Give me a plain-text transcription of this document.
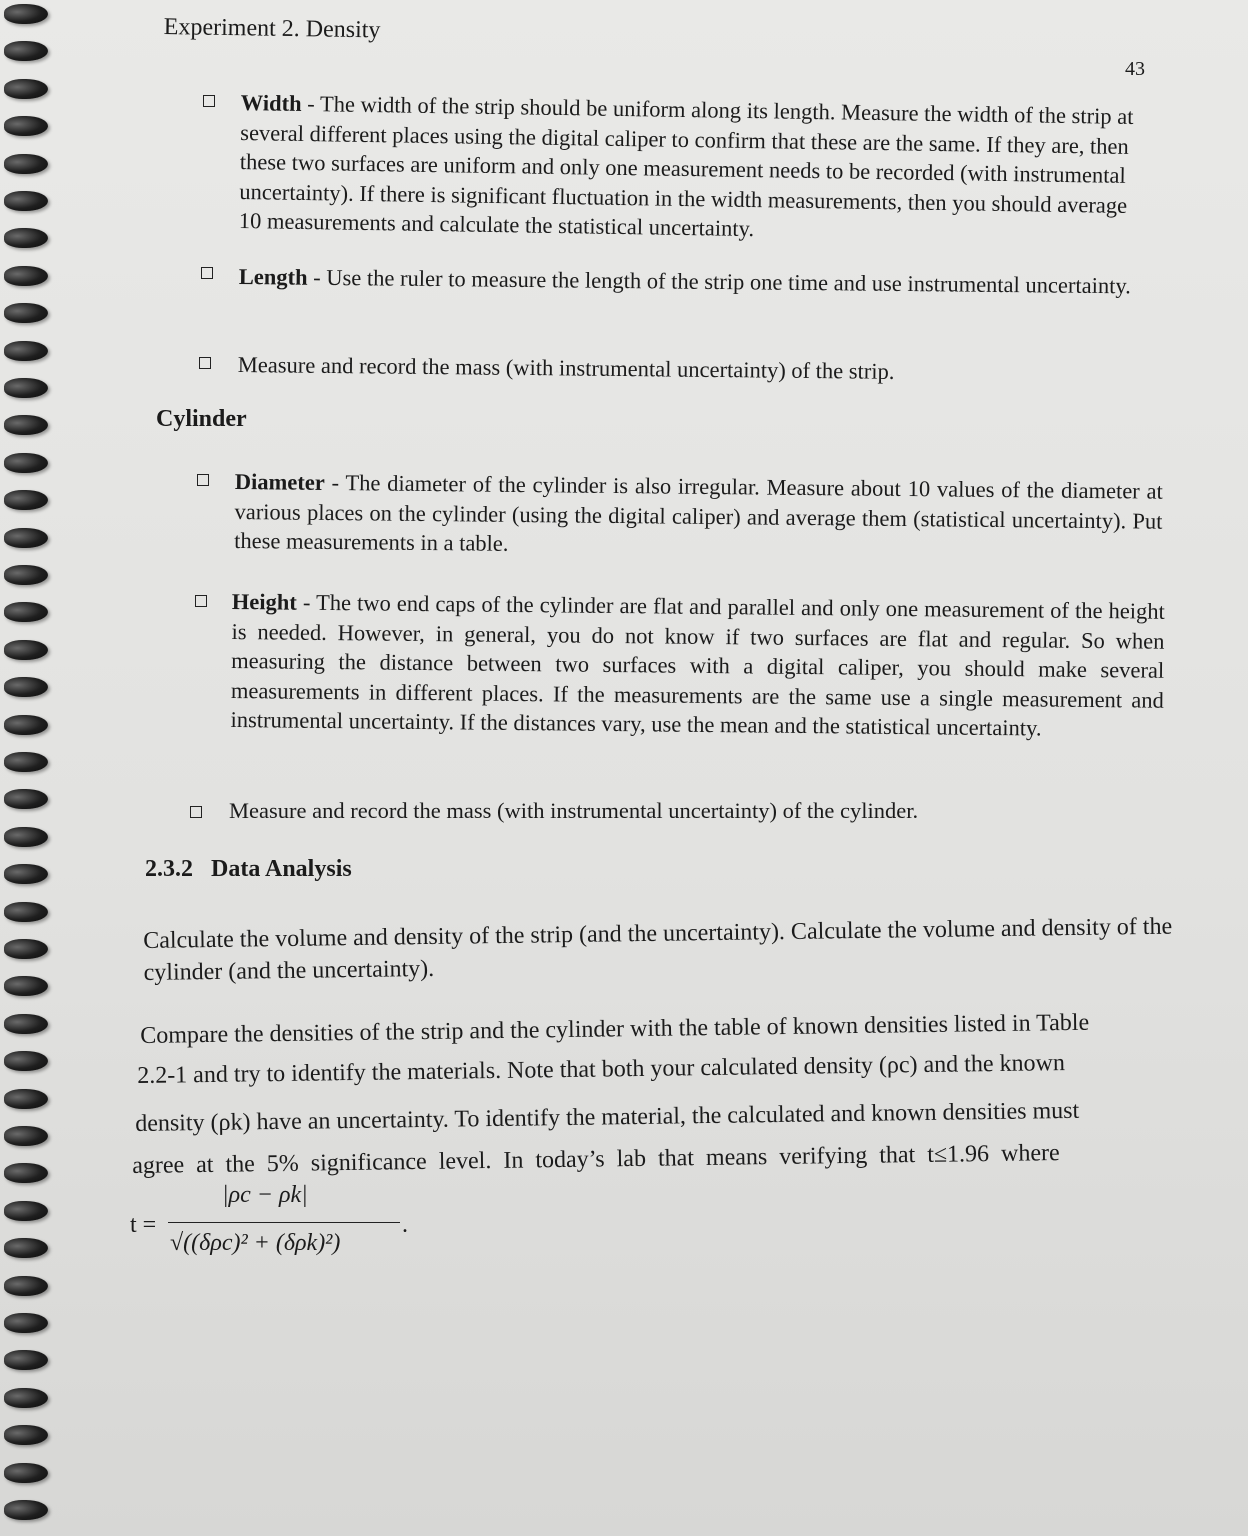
Experiment 2. Density
43
Width - The width of the strip should be uniform along its length. Measure the width of the strip at several different places using the digital caliper to confirm that these are the same. If they are, then these two surfaces are uniform and only one measurement needs to be recorded (with instrumental uncertainty). If there is significant fluctuation in the width measurements, then you should average 10 measurements and calculate the statistical uncertainty.
Length - Use the ruler to measure the length of the strip one time and use instrumental uncertainty.
Measure and record the mass (with instrumental uncertainty) of the strip.
Cylinder
Diameter - The diameter of the cylinder is also irregular. Measure about 10 values of the diameter at various places on the cylinder (using the digital caliper) and average them (statistical uncertainty). Put these measurements in a table.
Height - The two end caps of the cylinder are flat and parallel and only one measurement of the height is needed. However, in general, you do not know if two surfaces are flat and regular. So when measuring the distance between two surfaces with a digital caliper, you should make several measurements in different places. If the measurements are the same use a single measurement and instrumental uncertainty. If the distances vary, use the mean and the statistical uncertainty.
Measure and record the mass (with instrumental uncertainty) of the cylinder.
2.3.2 Data Analysis
Calculate the volume and density of the strip (and the uncertainty). Calculate the volume and density of the cylinder (and the uncertainty).
Compare the densities of the strip and the cylinder with the table of known densities listed in Table
2.2-1 and try to identify the materials. Note that both your calculated density (ρc) and the known
density (ρk) have an uncertainty. To identify the material, the calculated and known densities must
agree at the 5% significance level. In today’s lab that means verifying that t≤1.96 where
t =
|ρc − ρk|
√((δρc)² + (δρk)²)
.
